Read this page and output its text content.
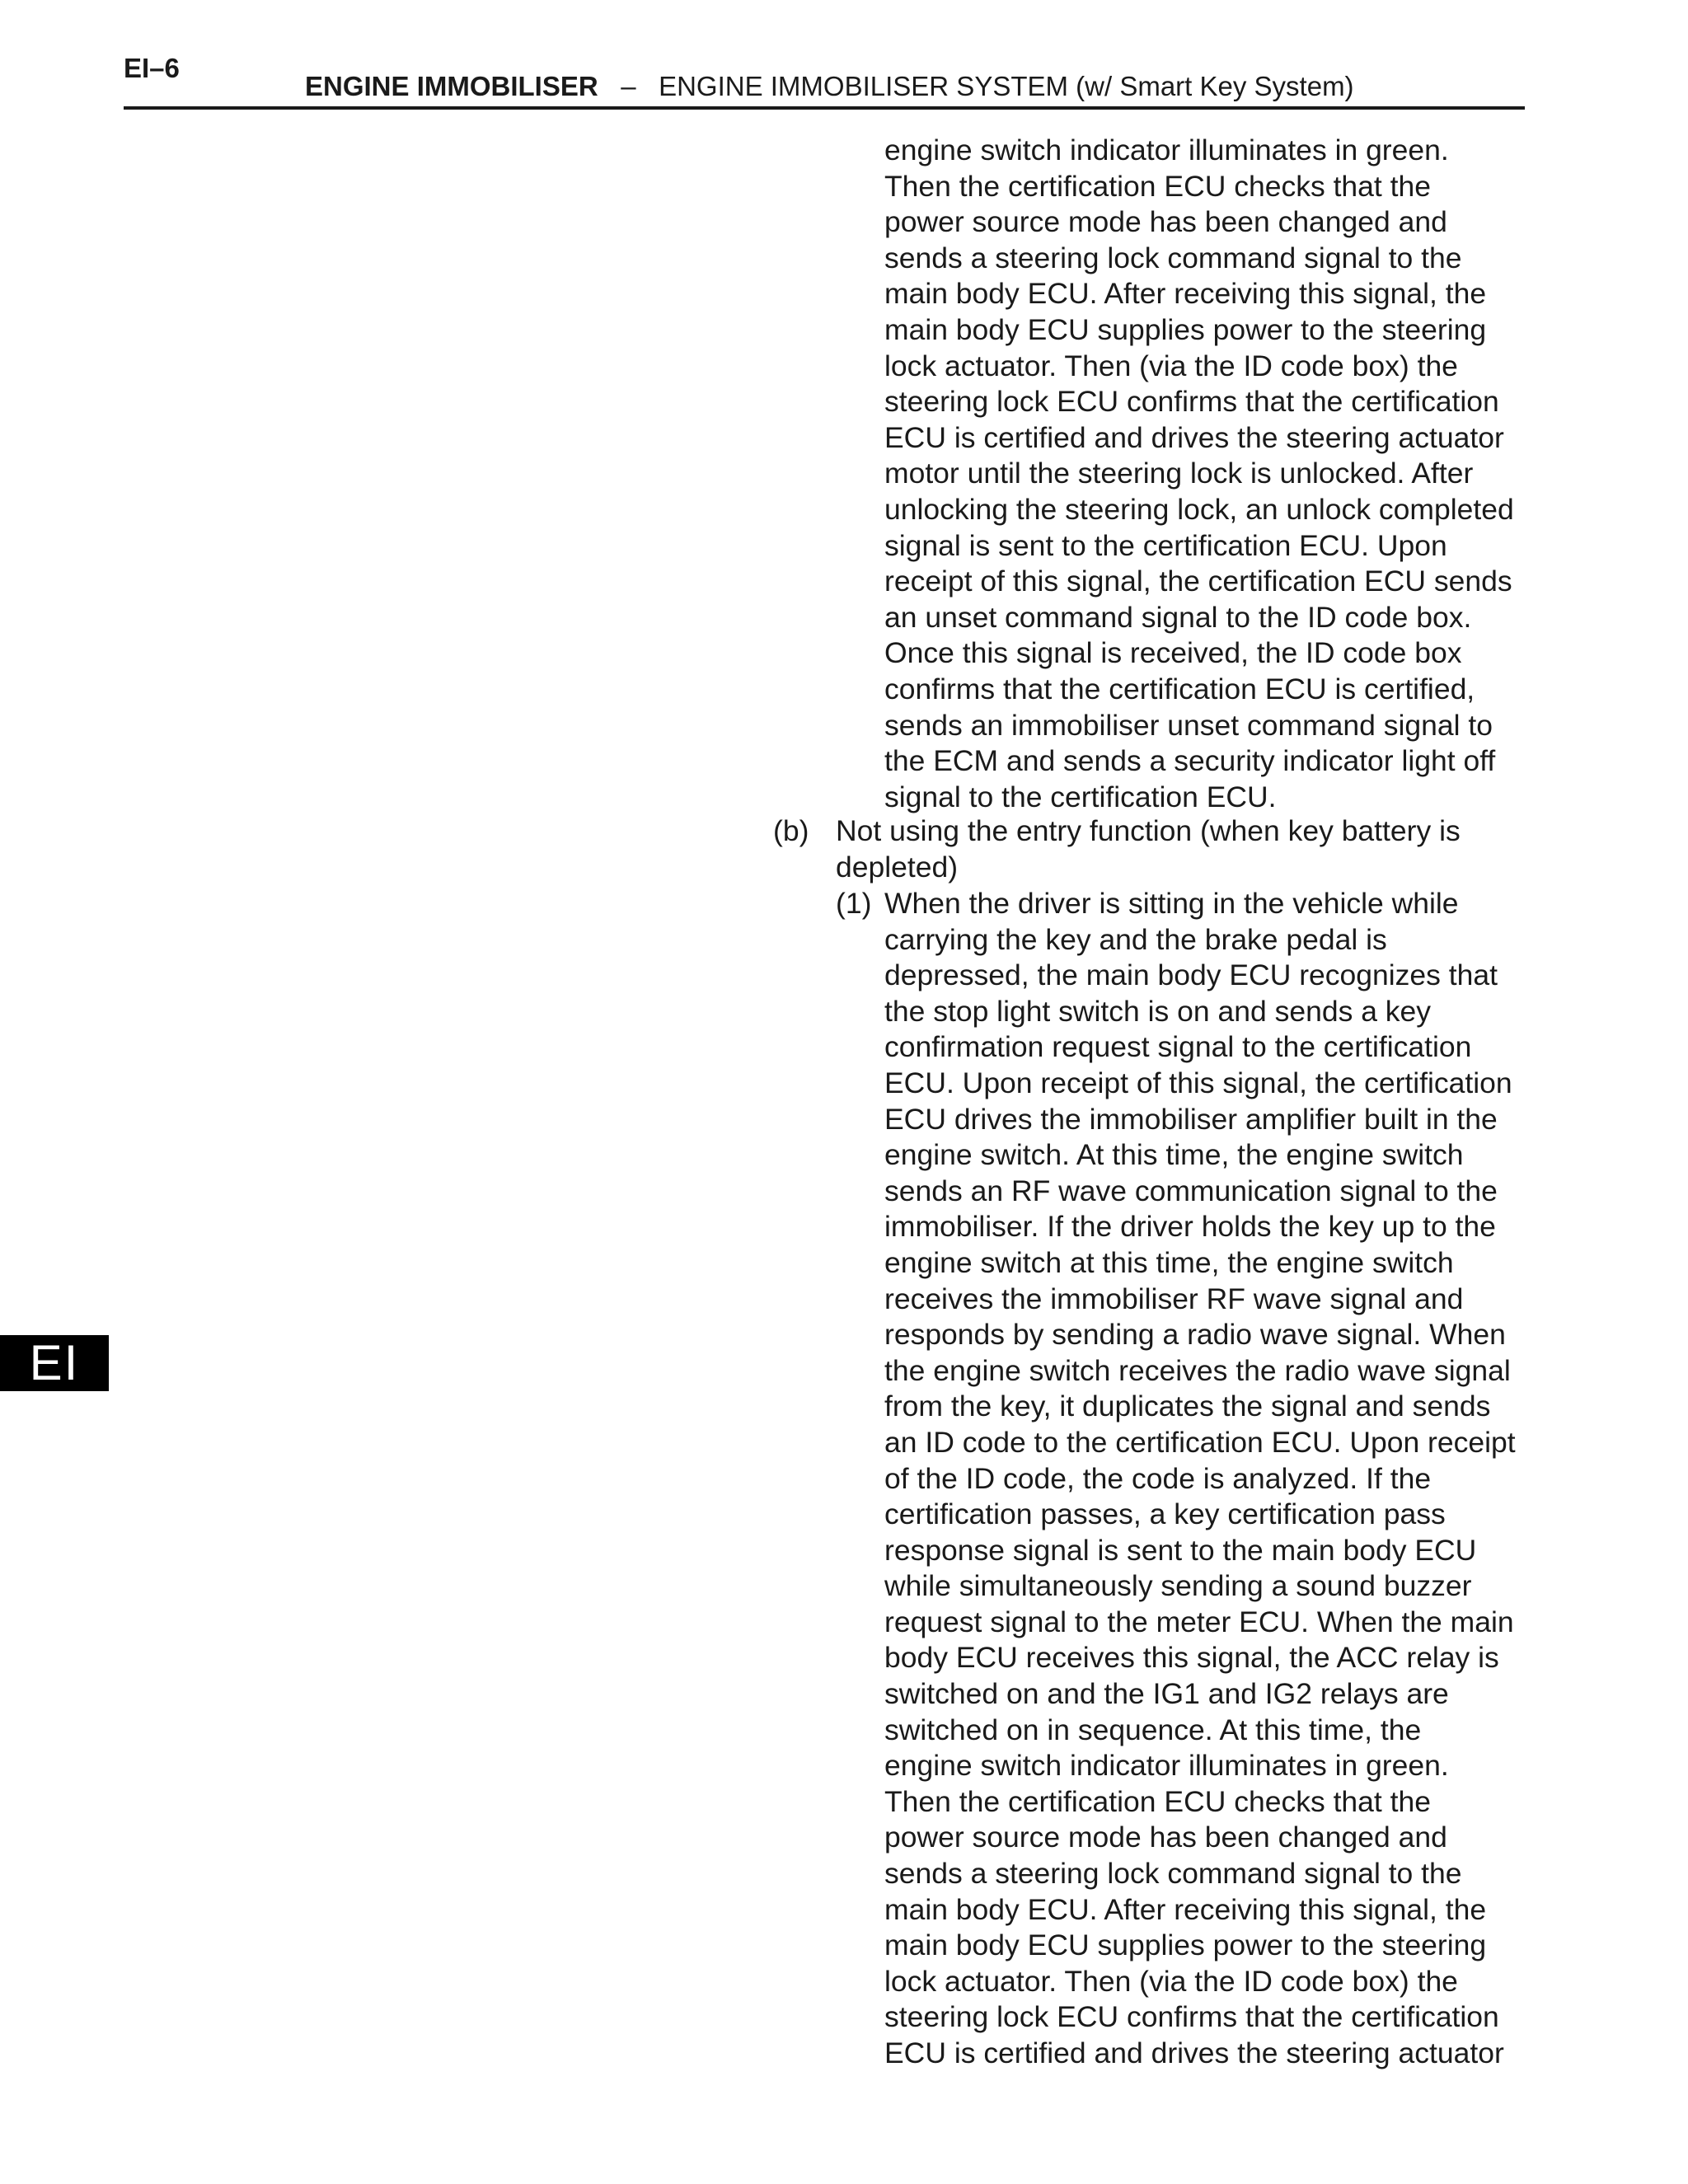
EI–6
ENGINE IMMOBILISER – ENGINE IMMOBILISER SYSTEM (w/ Smart Key System)
engine switch indicator illuminates in green.
Then the certification ECU checks that the
power source mode has been changed and
sends a steering lock command signal to the
main body ECU. After receiving this signal, the
main body ECU supplies power to the steering
lock actuator. Then (via the ID code box) the
steering lock ECU confirms that the certification
ECU is certified and drives the steering actuator
motor until the steering lock is unlocked. After
unlocking the steering lock, an unlock completed
signal is sent to the certification ECU. Upon
receipt of this signal, the certification ECU sends
an unset command signal to the ID code box.
Once this signal is received, the ID code box
confirms that the certification ECU is certified,
sends an immobiliser unset command signal to
the ECM and sends a security indicator light off
signal to the certification ECU.
(b) Not using the entry function (when key battery is
depleted)
(1) When the driver is sitting in the vehicle while
carrying the key and the brake pedal is
depressed, the main body ECU recognizes that
the stop light switch is on and sends a key
confirmation request signal to the certification
ECU. Upon receipt of this signal, the certification
ECU drives the immobiliser amplifier built in the
engine switch. At this time, the engine switch
sends an RF wave communication signal to the
immobiliser. If the driver holds the key up to the
engine switch at this time, the engine switch
receives the immobiliser RF wave signal and
responds by sending a radio wave signal. When
the engine switch receives the radio wave signal
from the key, it duplicates the signal and sends
an ID code to the certification ECU. Upon receipt
of the ID code, the code is analyzed. If the
certification passes, a key certification pass
response signal is sent to the main body ECU
while simultaneously sending a sound buzzer
request signal to the meter ECU. When the main
body ECU receives this signal, the ACC relay is
switched on and the IG1 and IG2 relays are
switched on in sequence. At this time, the
engine switch indicator illuminates in green.
Then the certification ECU checks that the
power source mode has been changed and
sends a steering lock command signal to the
main body ECU. After receiving this signal, the
main body ECU supplies power to the steering
lock actuator. Then (via the ID code box) the
steering lock ECU confirms that the certification
ECU is certified and drives the steering actuator
EI
